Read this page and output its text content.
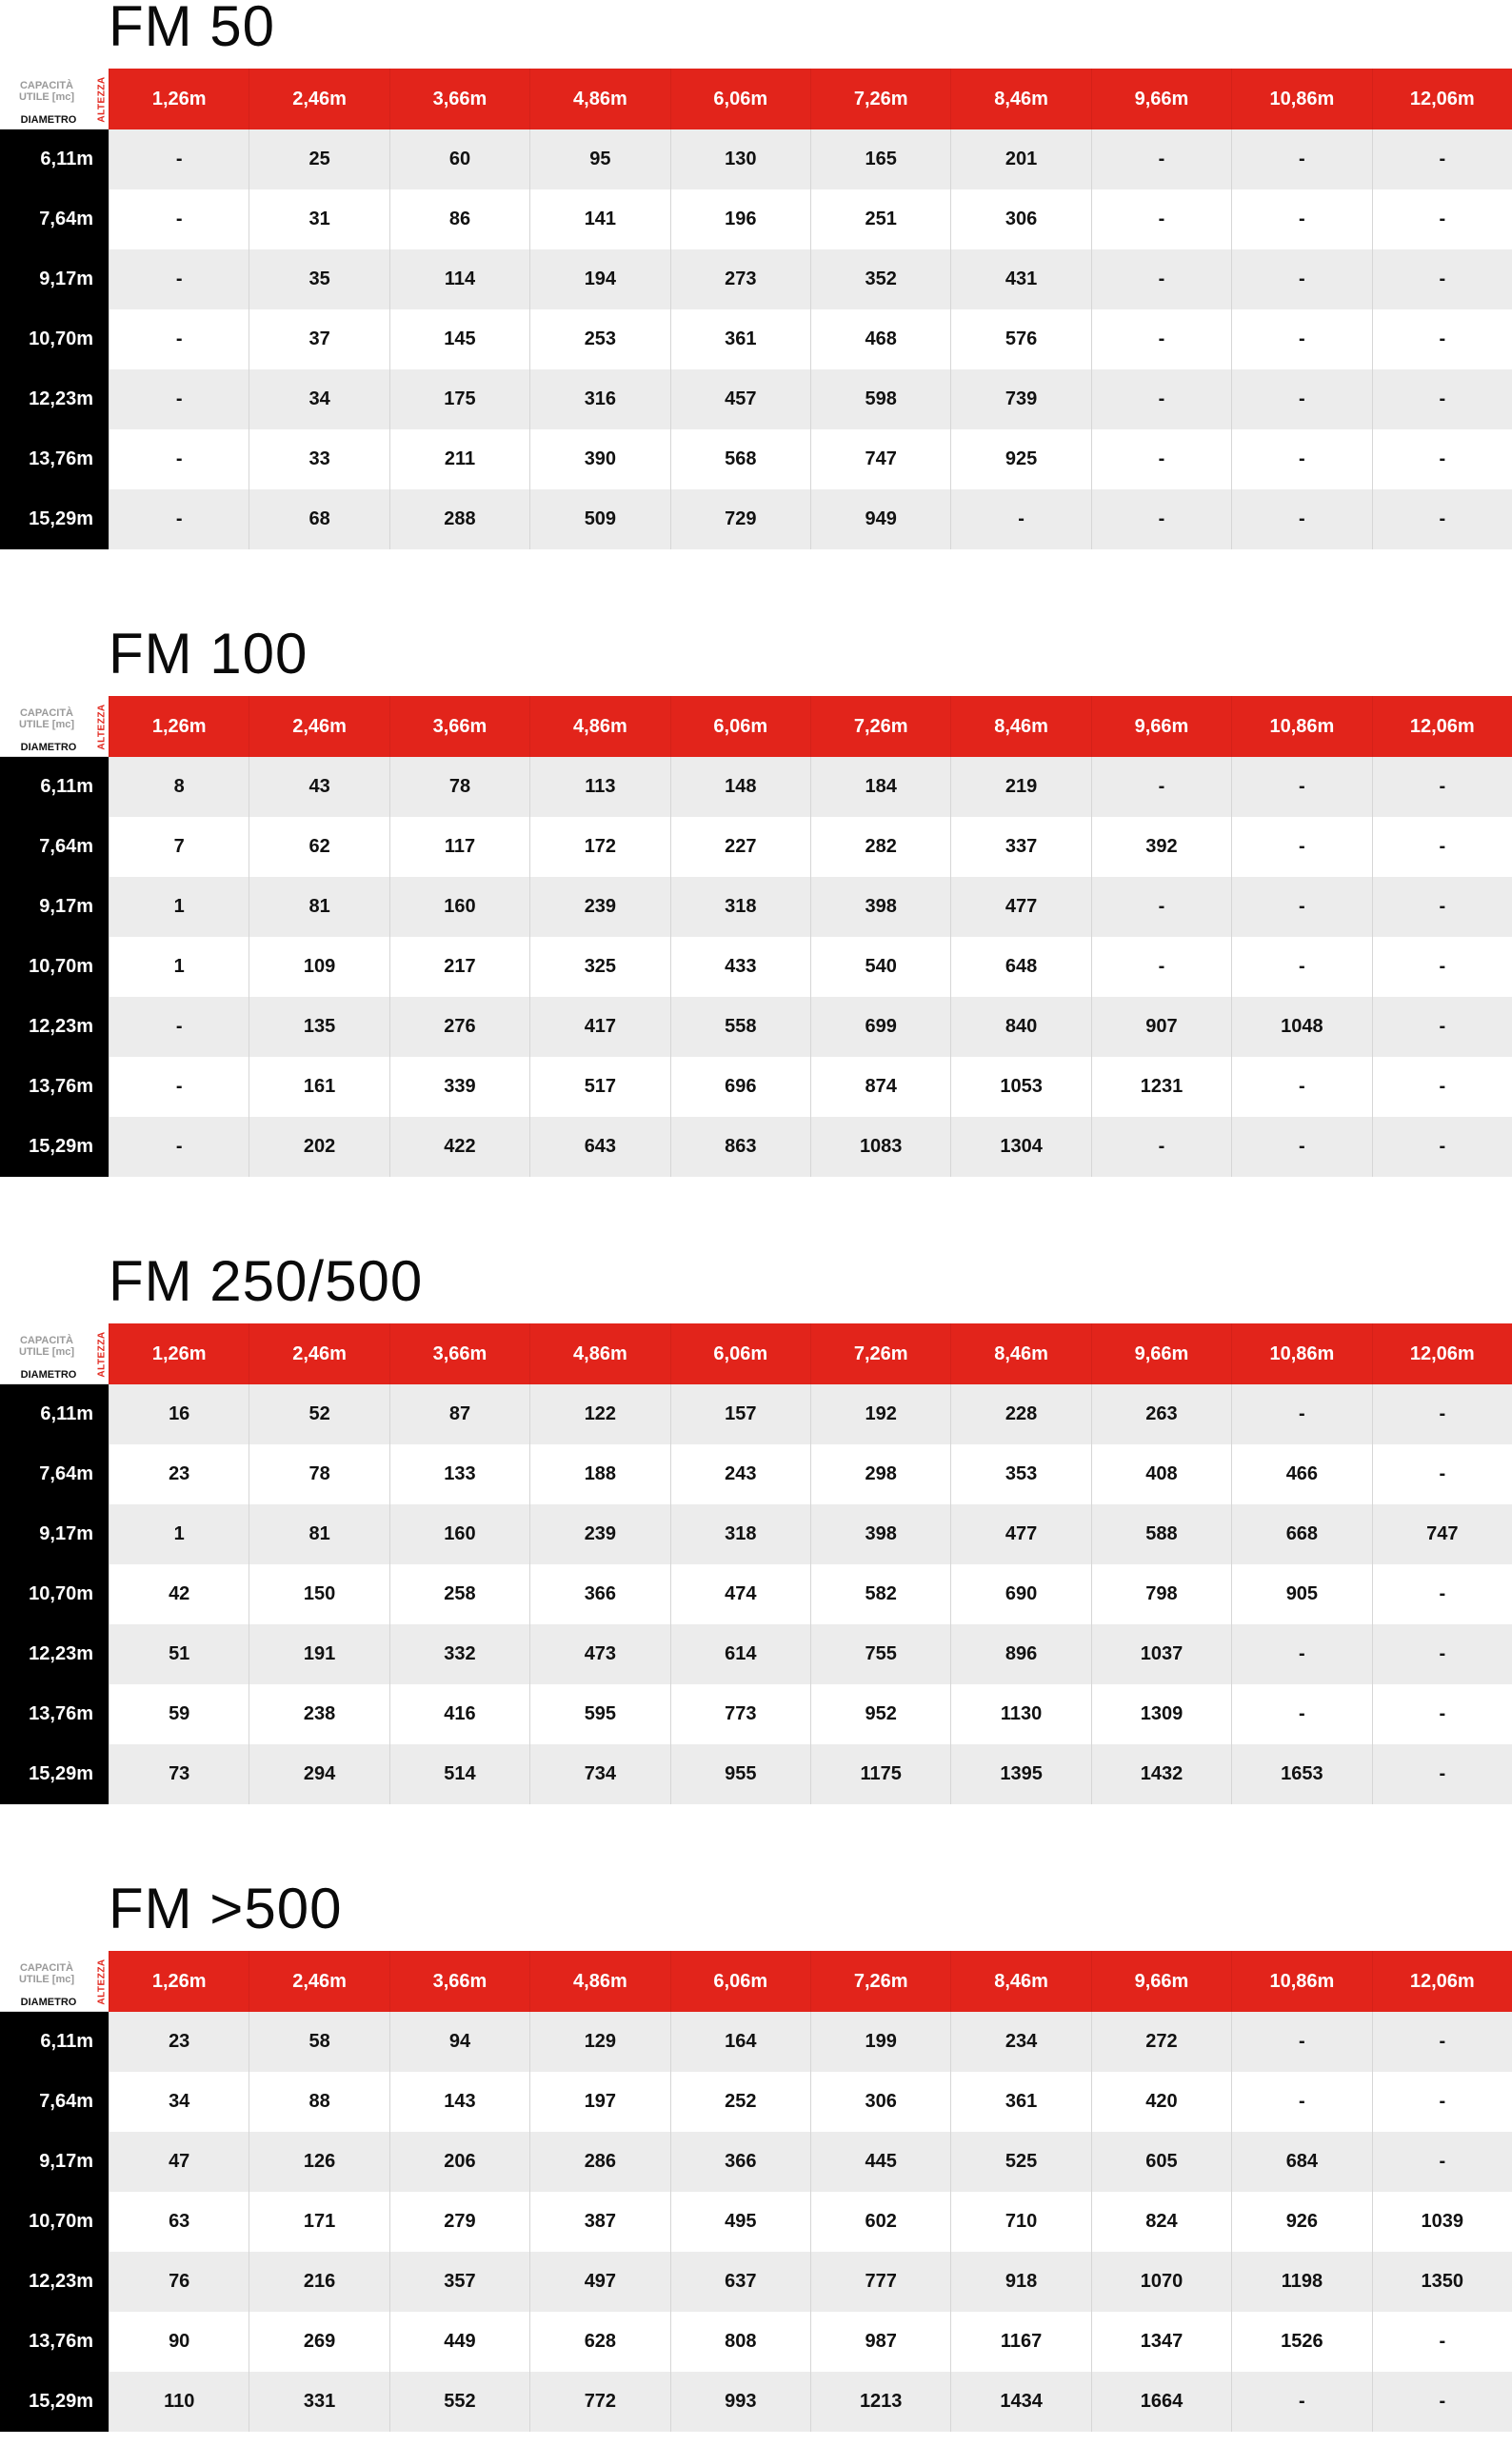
FM 50
CAPACITÀ
UTILE [mc]
DIAMETRO	ALTEZZA	1,26m	2,46m	3,66m	4,86m	6,06m	7,26m	8,46m	9,66m	10,86m	12,06m
6,11m	-	25	60	95	130	165	201	-	-	-
7,64m	-	31	86	141	196	251	306	-	-	-
9,17m	-	35	114	194	273	352	431	-	-	-
10,70m	-	37	145	253	361	468	576	-	-	-
12,23m	-	34	175	316	457	598	739	-	-	-
13,76m	-	33	211	390	568	747	925	-	-	-
15,29m	-	68	288	509	729	949	-	-	-	-
FM 100
CAPACITÀ
UTILE [mc]
DIAMETRO	ALTEZZA	1,26m	2,46m	3,66m	4,86m	6,06m	7,26m	8,46m	9,66m	10,86m	12,06m
6,11m	8	43	78	113	148	184	219	-	-	-
7,64m	7	62	117	172	227	282	337	392	-	-
9,17m	1	81	160	239	318	398	477	-	-	-
10,70m	1	109	217	325	433	540	648	-	-	-
12,23m	-	135	276	417	558	699	840	907	1048	-
13,76m	-	161	339	517	696	874	1053	1231	-	-
15,29m	-	202	422	643	863	1083	1304	-	-	-
FM 250/500
CAPACITÀ
UTILE [mc]
DIAMETRO	ALTEZZA	1,26m	2,46m	3,66m	4,86m	6,06m	7,26m	8,46m	9,66m	10,86m	12,06m
6,11m	16	52	87	122	157	192	228	263	-	-
7,64m	23	78	133	188	243	298	353	408	466	-
9,17m	1	81	160	239	318	398	477	588	668	747
10,70m	42	150	258	366	474	582	690	798	905	-
12,23m	51	191	332	473	614	755	896	1037	-	-
13,76m	59	238	416	595	773	952	1130	1309	-	-
15,29m	73	294	514	734	955	1175	1395	1432	1653	-
FM >500
CAPACITÀ
UTILE [mc]
DIAMETRO	ALTEZZA	1,26m	2,46m	3,66m	4,86m	6,06m	7,26m	8,46m	9,66m	10,86m	12,06m
6,11m	23	58	94	129	164	199	234	272	-	-
7,64m	34	88	143	197	252	306	361	420	-	-
9,17m	47	126	206	286	366	445	525	605	684	-
10,70m	63	171	279	387	495	602	710	824	926	1039
12,23m	76	216	357	497	637	777	918	1070	1198	1350
13,76m	90	269	449	628	808	987	1167	1347	1526	-
15,29m	110	331	552	772	993	1213	1434	1664	-	-
